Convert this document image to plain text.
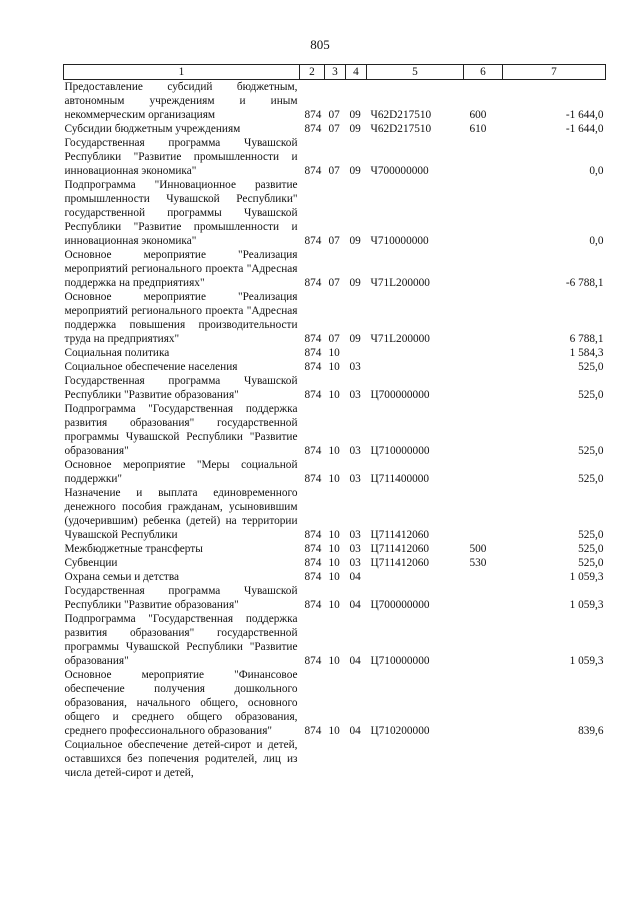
805
1	2	3	4	5	6	7
Предоставление субсидий бюджетным, автономным учреждениям и иным некоммерческим организациям	874	07	09	Ч62D217510	600	-1 644,0
Субсидии бюджетным учреждениям	874	07	09	Ч62D217510	610	-1 644,0
Государственная программа Чувашской Республики "Развитие промышленности и инновационная экономика"	874	07	09	Ч700000000		0,0
Подпрограмма "Инновационное развитие промышленности Чувашской Республики" государственной программы Чувашской Республики "Развитие промышленности и инновационная экономика"	874	07	09	Ч710000000		0,0
Основное мероприятие "Реализация мероприятий регионального проекта "Адресная поддержка на предприятиях"	874	07	09	Ч71L200000		-6 788,1
Основное мероприятие "Реализация мероприятий регионального проекта "Адресная поддержка повышения производительности труда на предприятиях"	874	07	09	Ч71L200000		6 788,1
Социальная политика	874	10				1 584,3
Социальное обеспечение населения	874	10	03			525,0
Государственная программа Чувашской Республики "Развитие образования"	874	10	03	Ц700000000		525,0
Подпрограмма "Государственная поддержка развития образования" государственной программы Чувашской Республики "Развитие образования"	874	10	03	Ц710000000		525,0
Основное мероприятие "Меры социальной поддержки"	874	10	03	Ц711400000		525,0
Назначение и выплата единовременного денежного пособия гражданам, усыновившим (удочерившим) ребенка (детей) на территории Чувашской Республики	874	10	03	Ц711412060		525,0
Межбюджетные трансферты	874	10	03	Ц711412060	500	525,0
Субвенции	874	10	03	Ц711412060	530	525,0
Охрана семьи и детства	874	10	04			1 059,3
Государственная программа Чувашской Республики "Развитие образования"	874	10	04	Ц700000000		1 059,3
Подпрограмма "Государственная поддержка развития образования" государственной программы Чувашской Республики "Развитие образования"	874	10	04	Ц710000000		1 059,3
Основное мероприятие "Финансовое обеспечение получения дошкольного образования, начального общего, основного общего и среднего общего образования, среднего профессионального образования"	874	10	04	Ц710200000		839,6
Социальное обеспечение детей-сирот и детей, оставшихся без попечения родителей, лиц из числа детей-сирот и детей,						
